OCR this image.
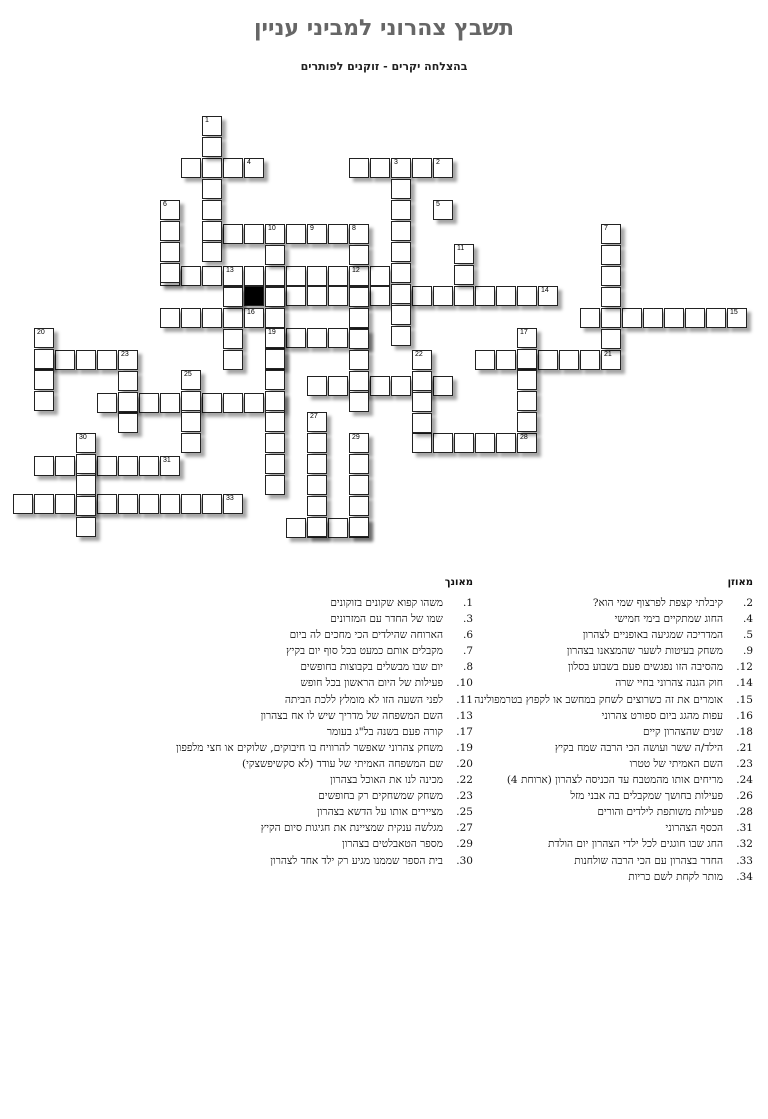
תשבץ צהרוני למביני עניין
בהצלחה יקרים - זוקנים לפותרים
4	3	2
10	9
13	12
14
16	15
23	21
28
31
33
1
6
7
8
11
19	17
20
22
25
27
29
30
5
מאוזן
2.קיבלתי קצפת לפרצוף שמי הוא?
4.החוג שמתקיים בימי חמישי
5.המדריכה שמגיעה באופניים לצהרון
9.משחק בעיטות לשער שהמצאנו בצהרון
12.מהסיבה הזו נפגשים פעם בשבוע בסלון
14.חוק הגנה צהרוני בחיי שרה
15.אומרים את זה כשרוצים לשחק במחשב או לקפוץ בטרמפולינה
16.עפות מהגג ביום ספורט צהרוני
18.שנים שהצהרון קיים
21.הילד/ה ששר ועושה הכי הרבה שמח בקיץ
23.השם האמיתי של טטרו
24.מריחים אותו מהמטבח עד הכניסה לצהרון (ארוחת 4)
26.פעילות בחושך שמקבלים בה אבני מזל
28.פעילות משותפת לילדים והורים
31.הכסף הצהרוני
32.החג שבו חוגגים לכל ילדי הצהרון יום הולדת
33.החדר בצהרון עם הכי הרבה שולחנות
34.מותר לקחת לשם כריות
מאונך
1.משהו קפוא שקונים בזוקונים
3.שמו של החדר עם המזרונים
6.הארוחה שהילדים הכי מחכים לה ביום
7.מקבלים אותם כמעט בכל סוף יום בקיץ
8.יום שבו מבשלים בקבוצות בחופשים
10.פעילות של היום הראשון בכל חופש
11.לפני השעה הזו לא מומלץ ללכת הביתה
13.השם המשפחה של מדריך שיש לו אח בצהרון
17.קורה פעם בשנה בל"ג בעומר
19.משחק צהרוני שאפשר להרוויח בו חיבוקים, שלוקים או חצי מלפפון
20.שם המשפחה האמיתי של עודד (לא סקשיפשצקי)
22.מכינה לנו את האוכל בצהרון
23.משחק שמשחקים רק בחופשים
25.מציירים אותו על הדשא בצהרון
27.מגלשה ענקית שמציינת את חגיגות סיום הקיץ
29.מספר הטאבלטים בצהרון
30.בית הספר שממנו מגיע רק ילד אחד לצהרון
